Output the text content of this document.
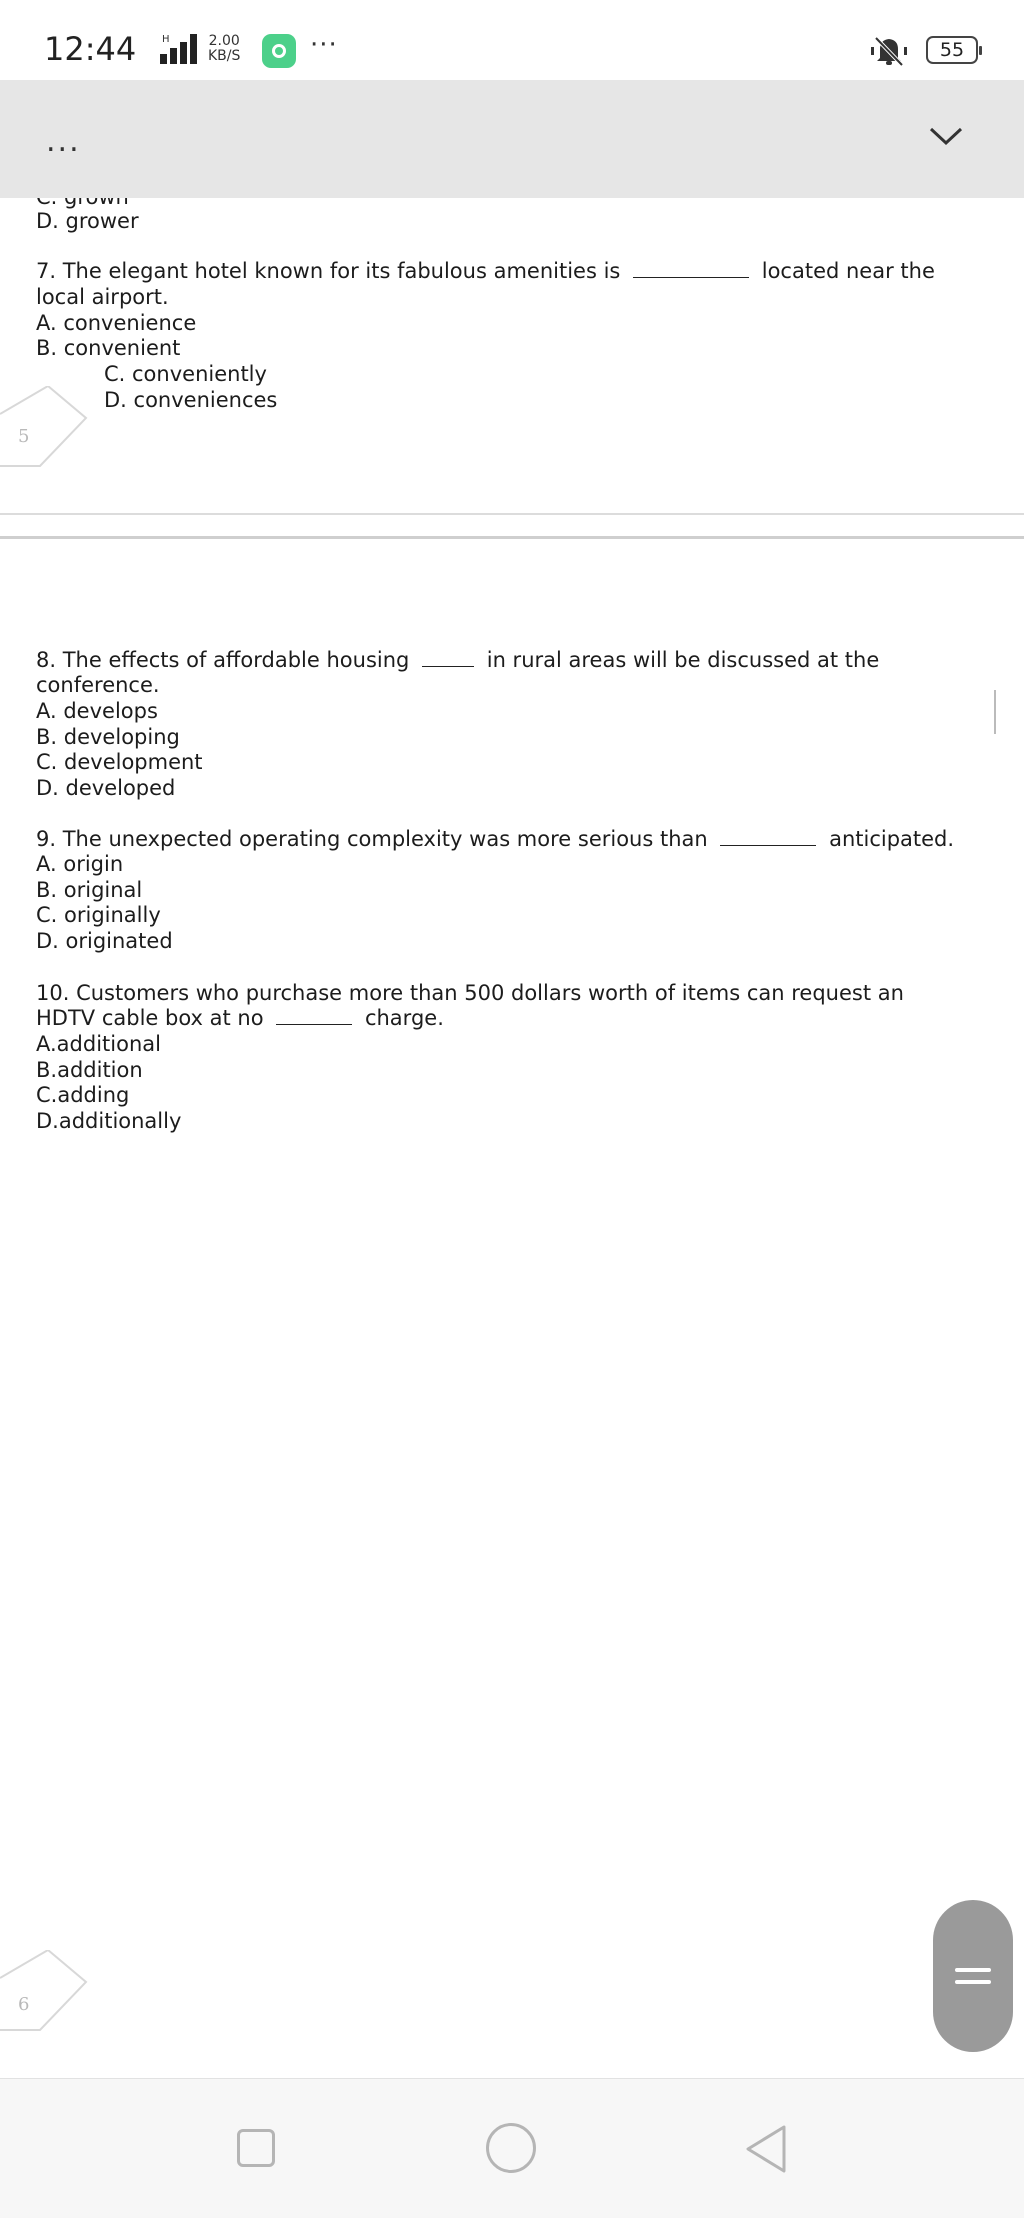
12:44	H	2.00
KB/S	···	55
...
D. grower
7. The elegant hotel known for its fabulous amenities is	located near the
local airport.
A. convenience
B. convenient
C. conveniently
D. conveniences
5
8. The effects of affordable housing	in rural areas will be discussed at the
conference.
A. develops
B. developing
C. development
D. developed
9. The unexpected operating complexity was more serious than	anticipated.
A. origin
B. original
C. originally
D. originated
10. Customers who purchase more than 500 dollars worth of items can request an
HDTV cable box at no	charge.
A.additional
B.addition
C.adding
D.additionally
6
